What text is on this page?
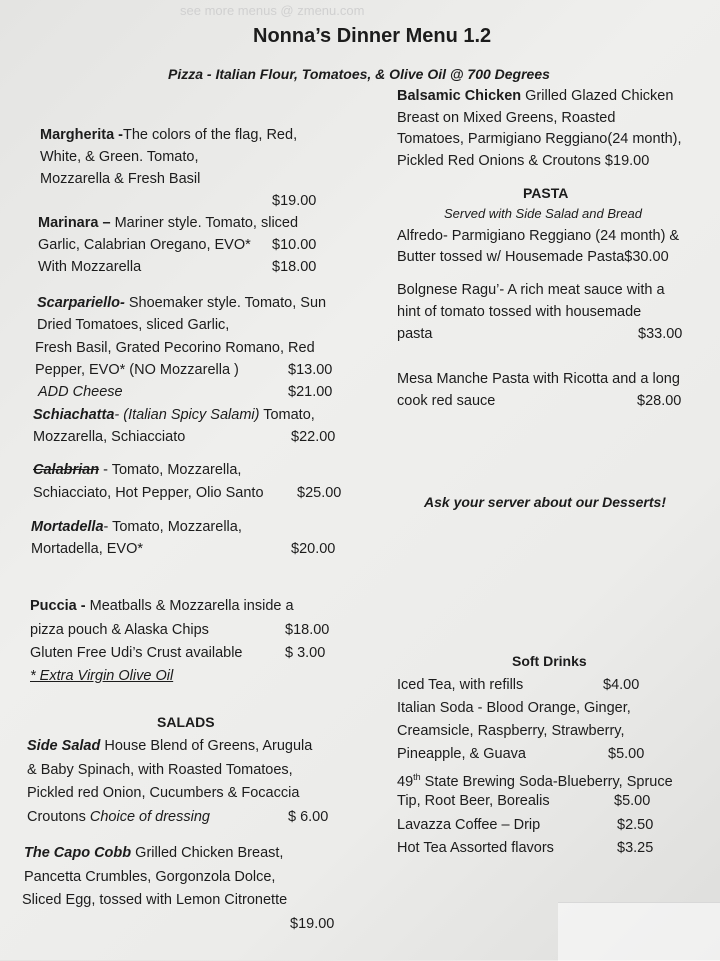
see more menus @ zmenu.com
Nonna’s Dinner Menu 1.2
Pizza - Italian Flour, Tomatoes, & Olive Oil @ 700 Degrees
Margherita -The colors of the flag, Red,
White, & Green. Tomato,
Mozzarella & Fresh Basil
$19.00
Marinara – Mariner style. Tomato, sliced
Garlic, Calabrian Oregano, EVO* $10.00
With Mozzarella	$18.00
Scarpariello- Shoemaker style. Tomato, Sun
Dried Tomatoes, sliced Garlic,
Fresh Basil, Grated Pecorino Romano, Red
Pepper, EVO* (NO Mozzarella )	$13.00
ADD Cheese	$21.00
Schiachatta- (Italian Spicy Salami) Tomato,
Mozzarella, Schiacciato	$22.00
Calabrian - Tomato, Mozzarella,
Schiacciato, Hot Pepper, Olio Santo $25.00
Mortadella- Tomato, Mozzarella,
Mortadella, EVO*	$20.00
Puccia - Meatballs & Mozzarella inside a
pizza pouch & Alaska Chips	$18.00
Gluten Free Udi’s Crust available	$ 3.00
* Extra Virgin Olive Oil
SALADS
Side Salad House Blend of Greens, Arugula
& Baby Spinach, with Roasted Tomatoes,
Pickled red Onion, Cucumbers & Focaccia
Croutons Choice of dressing	$ 6.00
The Capo Cobb Grilled Chicken Breast,
Pancetta Crumbles, Gorgonzola Dolce,
Sliced Egg, tossed with Lemon Citronette
$19.00
Balsamic Chicken Grilled Glazed Chicken
Breast on Mixed Greens, Roasted
Tomatoes, Parmigiano Reggiano(24 month),
Pickled Red Onions & Croutons $19.00
PASTA
Served with Side Salad and Bread
Alfredo- Parmigiano Reggiano (24 month) &
Butter tossed w/ Housemade Pasta$30.00
Bolgnese Ragu’- A rich meat sauce with a
hint of tomato tossed with housemade
pasta	$33.00
Mesa Manche Pasta with Ricotta and a long
cook red sauce	$28.00
Ask your server about our Desserts!
Soft Drinks
Iced Tea, with refills	$4.00
Italian Soda - Blood Orange, Ginger,
Creamsicle, Raspberry, Strawberry,
Pineapple, & Guava	$5.00
49th State Brewing Soda-Blueberry, Spruce
Tip, Root Beer, Borealis	$5.00
Lavazza Coffee – Drip	$2.50
Hot Tea Assorted flavors	$3.25
